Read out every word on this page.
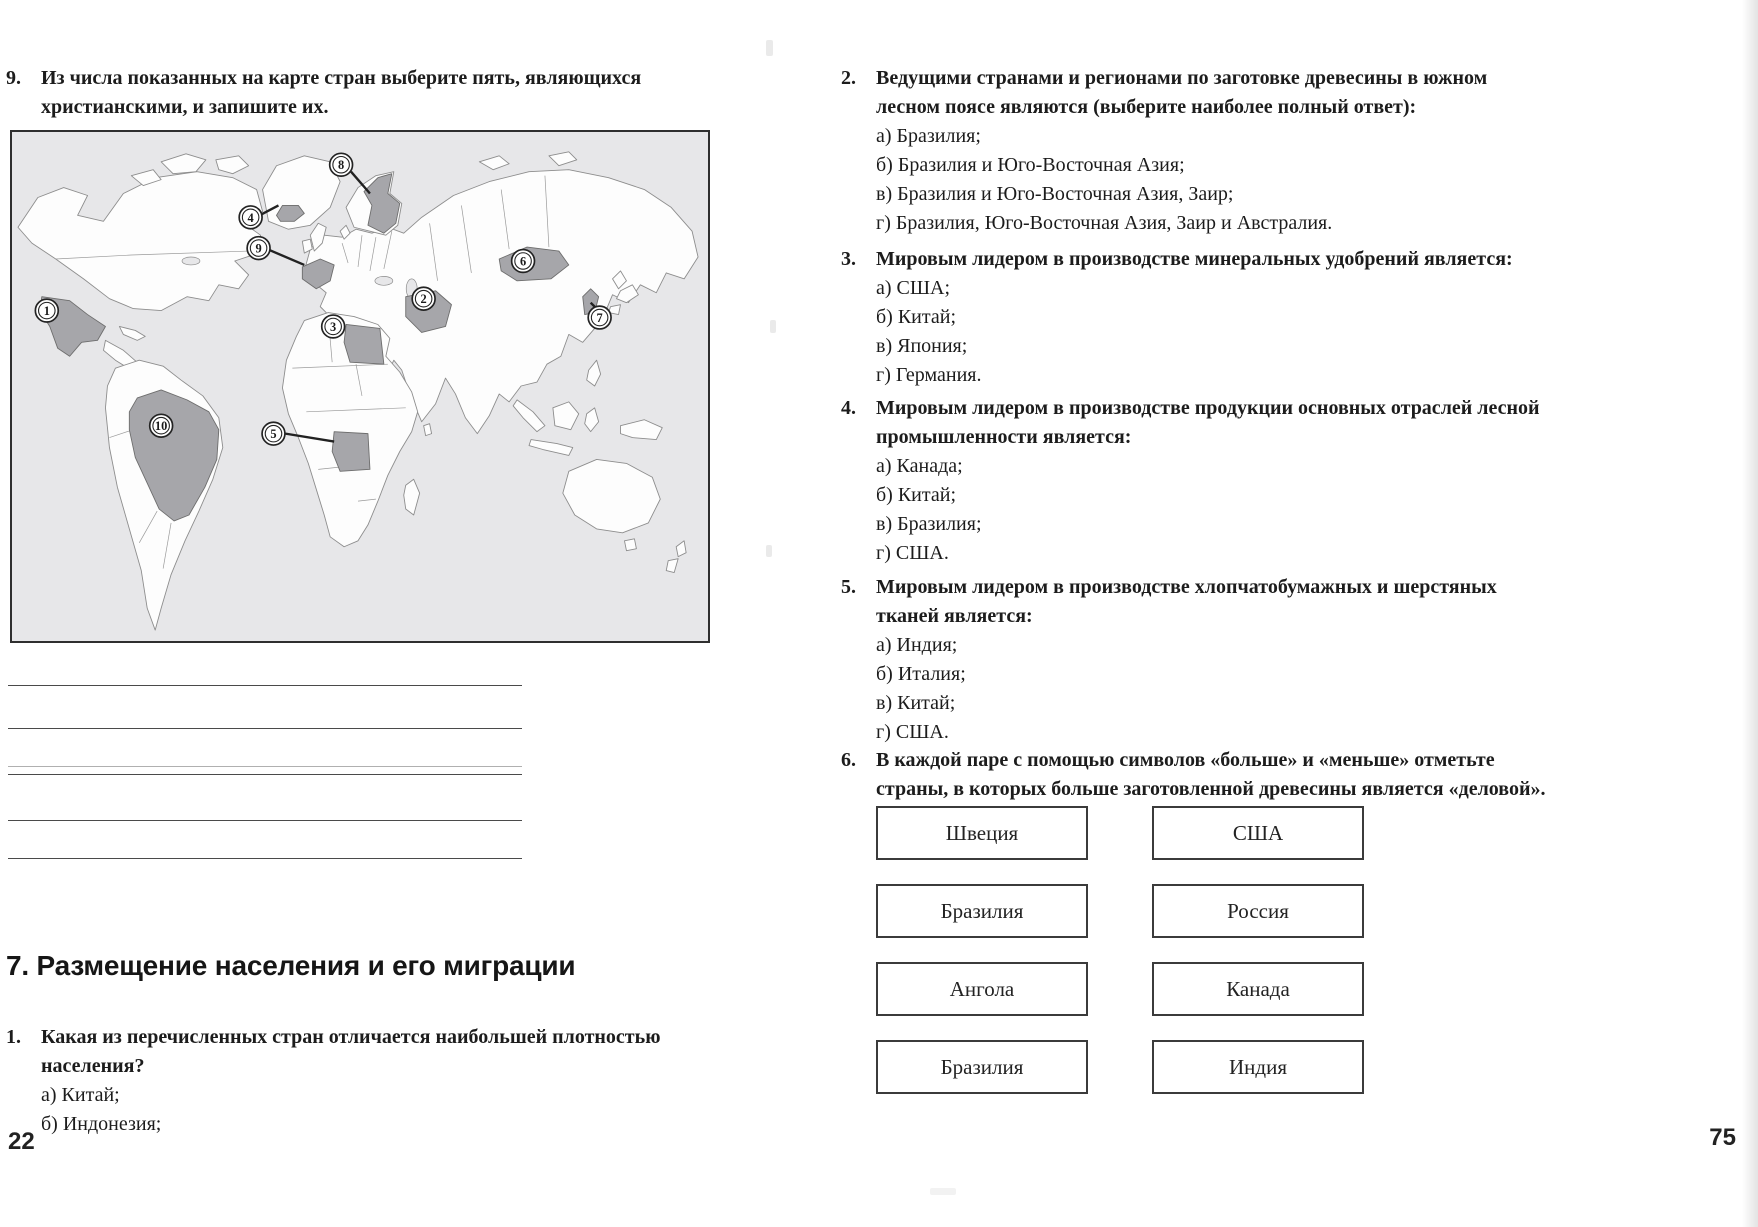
9.	Из числа показанных на карте стран выберите пять, являющихся христианскими, и запишите их.

1
2
3
4
5
6
7
8
9
10
7. Размещение населения и его миграции
1.	Какая из перечисленных стран отличается наибольшей плотностью населения?

а) Китай;
б) Индонезия;
22
2.	Ведущими странами и регионами по заготовке древесины в южном лесном поясе являются (выберите наиболее полный ответ):

а) Бразилия;
б) Бразилия и Юго-Восточная Азия;
в) Бразилия и Юго-Восточная Азия, Заир;
г) Бразилия, Юго-Восточная Азия, Заир и Австралия.
3.	Мировым лидером в производстве минеральных удобрений является:

а) США;
б) Китай;
в) Япония;
г) Германия.
4.	Мировым лидером в производстве продукции основных отраслей лесной промышленности является:

а) Канада;
б) Китай;
в) Бразилия;
г) США.
5.	Мировым лидером в производстве хлопчатобумажных и шерстяных тканей является:

а) Индия;
б) Италия;
в) Китай;
г) США.
6.	В каждой паре с помощью символов «больше» и «меньше» отметьте страны, в которых больше заготовленной древесины является «деловой».

Швеция	США
Бразилия	Россия
Ангола	Канада
Бразилия	Индия
75
